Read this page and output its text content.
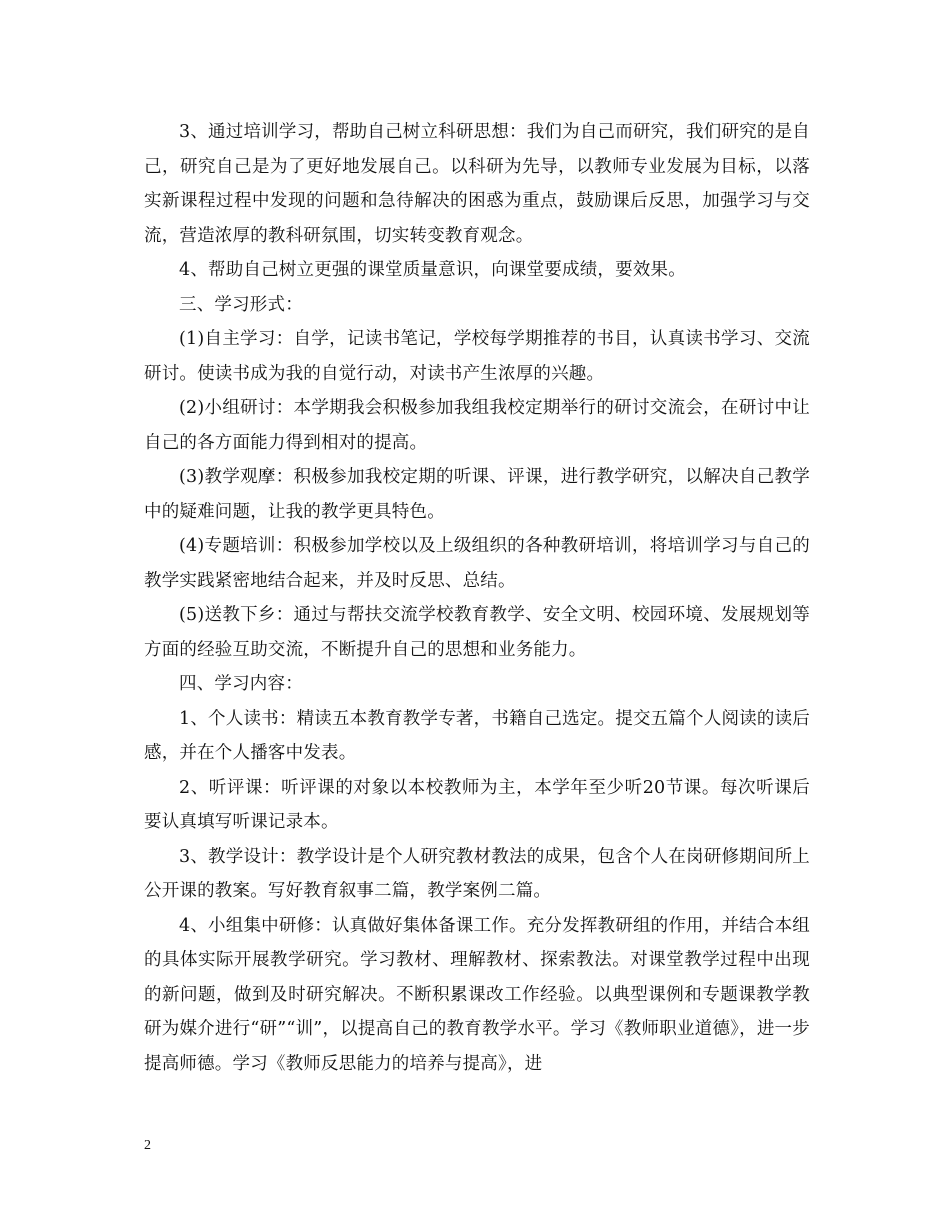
3、通过培训学习，帮助自己树立科研思想：我们为自己而研究，我们研究的是自己，研究自己是为了更好地发展自己。以科研为先导，以教师专业发展为目标，以落实新课程过程中发现的问题和急待解决的困惑为重点，鼓励课后反思，加强学习与交流，营造浓厚的教科研氛围，切实转变教育观念。

4、帮助自己树立更强的课堂质量意识，向课堂要成绩，要效果。

三、学习形式：

(1)自主学习：自学，记读书笔记，学校每学期推荐的书目，认真读书学习、交流研讨。使读书成为我的自觉行动，对读书产生浓厚的兴趣。

(2)小组研讨：本学期我会积极参加我组我校定期举行的研讨交流会，在研讨中让自己的各方面能力得到相对的提高。

(3)教学观摩：积极参加我校定期的听课、评课，进行教学研究，以解决自己教学中的疑难问题，让我的教学更具特色。

(4)专题培训：积极参加学校以及上级组织的各种教研培训，将培训学习与自己的教学实践紧密地结合起来，并及时反思、总结。

(5)送教下乡：通过与帮扶交流学校教育教学、安全文明、校园环境、发展规划等方面的经验互助交流，不断提升自己的思想和业务能力。

四、学习内容：

1、个人读书：精读五本教育教学专著，书籍自己选定。提交五篇个人阅读的读后感，并在个人播客中发表。

2、听评课：听评课的对象以本校教师为主，本学年至少听20节课。每次听课后要认真填写听课记录本。

3、教学设计：教学设计是个人研究教材教法的成果，包含个人在岗研修期间所上公开课的教案。写好教育叙事二篇，教学案例二篇。

4、小组集中研修：认真做好集体备课工作。充分发挥教研组的作用，并结合本组的具体实际开展教学研究。学习教材、理解教材、探索教法。对课堂教学过程中出现的新问题，做到及时研究解决。不断积累课改工作经验。以典型课例和专题课教学教研为媒介进行“研”“训”，以提高自己的教育教学水平。学习《教师职业道德》，进一步提高师德。学习《教师反思能力的培养与提高》，进

2
